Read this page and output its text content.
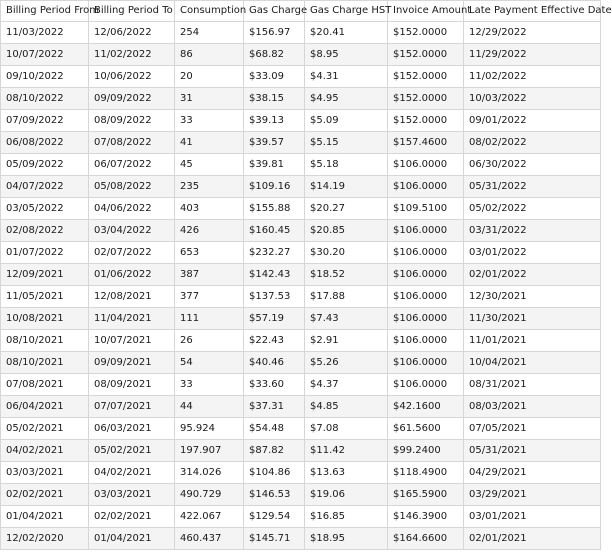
Billing Period From	Billing Period To	Consumption	Gas Charge	Gas Charge HST	Invoice Amount	Late Payment Effective Date
11/03/2022	12/06/2022	254	$156.97	$20.41	$152.0000	12/29/2022
10/07/2022	11/02/2022	86	$68.82	$8.95	$152.0000	11/29/2022
09/10/2022	10/06/2022	20	$33.09	$4.31	$152.0000	11/02/2022
08/10/2022	09/09/2022	31	$38.15	$4.95	$152.0000	10/03/2022
07/09/2022	08/09/2022	33	$39.13	$5.09	$152.0000	09/01/2022
06/08/2022	07/08/2022	41	$39.57	$5.15	$157.4600	08/02/2022
05/09/2022	06/07/2022	45	$39.81	$5.18	$106.0000	06/30/2022
04/07/2022	05/08/2022	235	$109.16	$14.19	$106.0000	05/31/2022
03/05/2022	04/06/2022	403	$155.88	$20.27	$109.5100	05/02/2022
02/08/2022	03/04/2022	426	$160.45	$20.85	$106.0000	03/31/2022
01/07/2022	02/07/2022	653	$232.27	$30.20	$106.0000	03/01/2022
12/09/2021	01/06/2022	387	$142.43	$18.52	$106.0000	02/01/2022
11/05/2021	12/08/2021	377	$137.53	$17.88	$106.0000	12/30/2021
10/08/2021	11/04/2021	111	$57.19	$7.43	$106.0000	11/30/2021
08/10/2021	10/07/2021	26	$22.43	$2.91	$106.0000	11/01/2021
08/10/2021	09/09/2021	54	$40.46	$5.26	$106.0000	10/04/2021
07/08/2021	08/09/2021	33	$33.60	$4.37	$106.0000	08/31/2021
06/04/2021	07/07/2021	44	$37.31	$4.85	$42.1600	08/03/2021
05/02/2021	06/03/2021	95.924	$54.48	$7.08	$61.5600	07/05/2021
04/02/2021	05/02/2021	197.907	$87.82	$11.42	$99.2400	05/31/2021
03/03/2021	04/02/2021	314.026	$104.86	$13.63	$118.4900	04/29/2021
02/02/2021	03/03/2021	490.729	$146.53	$19.06	$165.5900	03/29/2021
01/04/2021	02/02/2021	422.067	$129.54	$16.85	$146.3900	03/01/2021
12/02/2020	01/04/2021	460.437	$145.71	$18.95	$164.6600	02/01/2021
